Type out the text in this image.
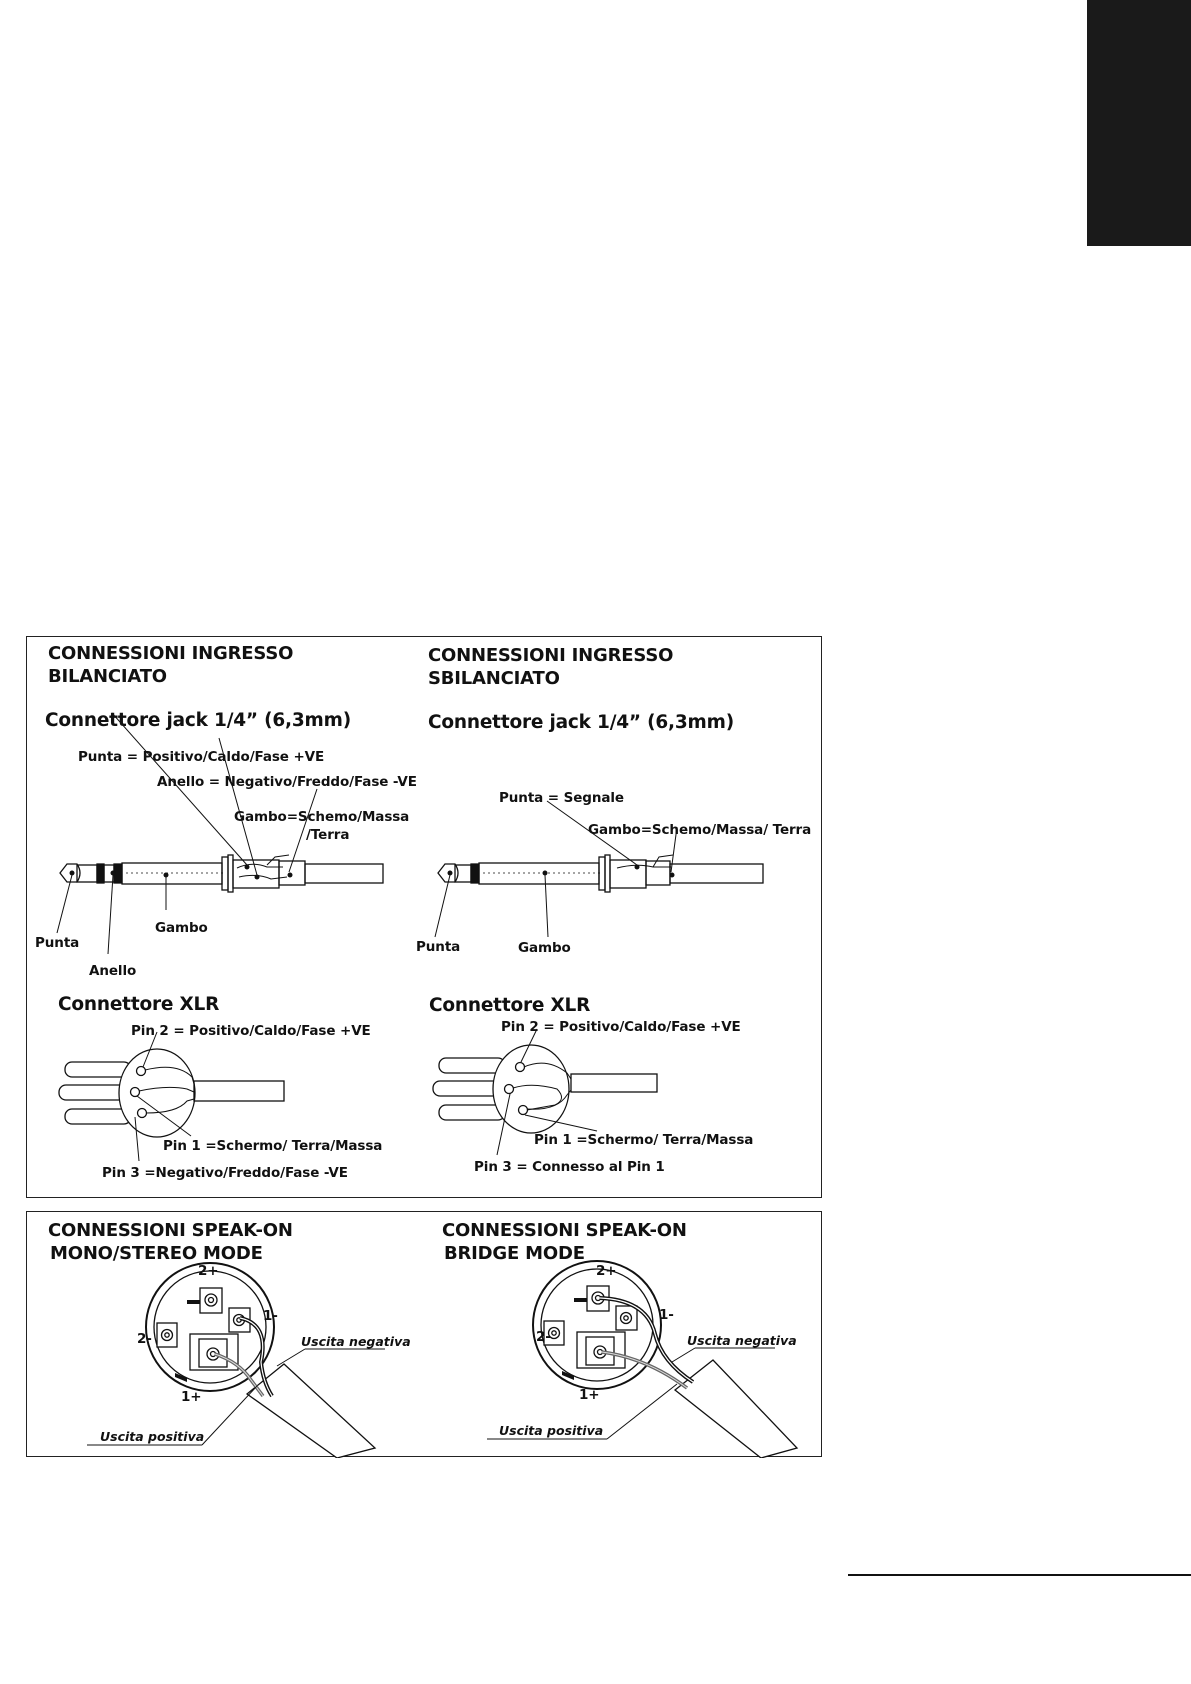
CONNESSIONI INGRESSO
BILANCIATO
Connettore jack 1/4” (6,3mm)
Punta = Positivo/Caldo/Fase +VE
Anello = Negativo/Freddo/Fase -VE
Gambo=Schemo/Massa
/Terra
Punta
Anello
Gambo
Connettore XLR
Pin 2 = Positivo/Caldo/Fase +VE
Pin 1 =Schermo/ Terra/Massa
Pin 3 =Negativo/Freddo/Fase -VE
CONNESSIONI INGRESSO
SBILANCIATO
Connettore jack 1/4” (6,3mm)
Punta = Segnale
Gambo=Schemo/Massa/ Terra
Punta	Gambo
Connettore XLR
Pin 2 = Positivo/Caldo/Fase +VE
Pin 1 =Schermo/ Terra/Massa
Pin 3 = Connesso al Pin 1
CONNESSIONI SPEAK-ON
MONO/STEREO MODE
2+
1-
2-
1+
Uscita negativa
Uscita positiva
CONNESSIONI SPEAK-ON
BRIDGE MODE
2+
1-
2-
1+
Uscita negativa
Uscita positiva
